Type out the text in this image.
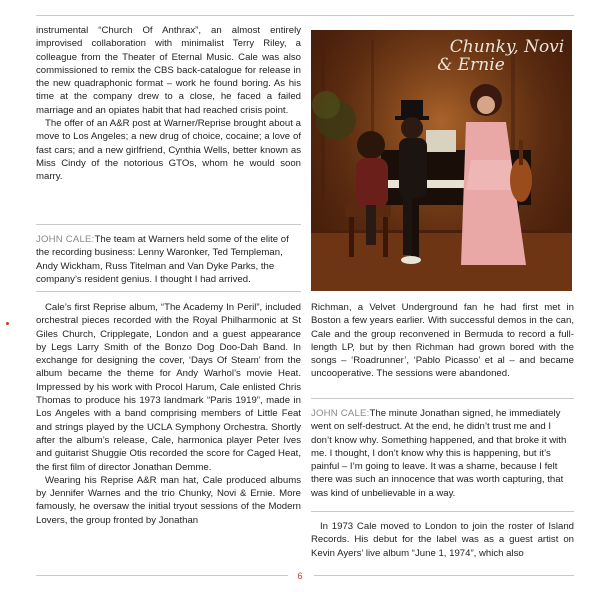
instrumental “Church Of Anthrax”, an almost entirely improvised collaboration with minimalist Terry Riley, a colleague from the Theater of Eternal Music. Cale was also commissioned to remix the CBS back-catalogue for release in the new quadraphonic format – work he found boring. As his time at the company drew to a close, he faced a failed marriage and an opiates habit that had reached crisis point.

The offer of an A&R post at Warner/Reprise brought about a move to Los Angeles; a new drug of choice, cocaine; a love of fast cars; and a new girlfriend, Cynthia Wells, better known as Miss Cindy of the notorious GTOs, whom he would soon marry.

JOHN CALE:The team at Warners held some of the elite of the recording business: Lenny Waronker, Ted Templeman, Andy Wickham, Russ Titelman and Van Dyke Parks, the company’s resident genius. I thought I had arrived.

Cale’s first Reprise album, “The Academy In Peril”, included orchestral pieces recorded with the Royal Philharmonic at St Giles Church, Cripplegate, London and a guest appearance by Legs Larry Smith of the Bonzo Dog Doo-Dah Band. In exchange for designing the cover, ‘Days Of Steam’ from the album became the theme for Andy Warhol’s movie Heat. Impressed by his work with Procol Harum, Cale enlisted Chris Thomas to produce his 1973 landmark “Paris 1919”, made in Los Angeles with a band comprising members of Little Feat and strings played by the UCLA Symphony Orchestra. Shortly after the album’s release, Cale, harmonica player Peter Ives and guitarist Shuggie Otis recorded the score for Caged Heat, the first film of director Jonathan Demme.

Wearing his Reprise A&R man hat, Cale produced albums by Jennifer Warnes and the trio Chunky, Novi & Ernie. More famously, he oversaw the initial tryout sessions of the Modern Lovers, the group fronted by Jonathan

Chunky, Novi
& Ernie

Richman, a Velvet Underground fan he had first met in Boston a few years earlier. With successful demos in the can, Cale and the group reconvened in Bermuda to record a full-length LP, but by then Richman had grown bored with the songs – ‘Roadrunner’, ‘Pablo Picasso’ et al – and became uncooperative. The sessions were abandoned.

JOHN CALE:The minute Jonathan signed, he immediately went on self-destruct. At the end, he didn’t trust me and I don’t know why. Something happened, and that broke it with me. I thought, I don’t know why this is happening, but it’s painful – I’m going to leave. It was a shame, because I felt there was such an innocence that was worth capturing, that was kind of unbelievable in a way.

In 1973 Cale moved to London to join the roster of Island Records. His debut for the label was as a guest artist on Kevin Ayers’ live album “June 1, 1974”, which also

6
